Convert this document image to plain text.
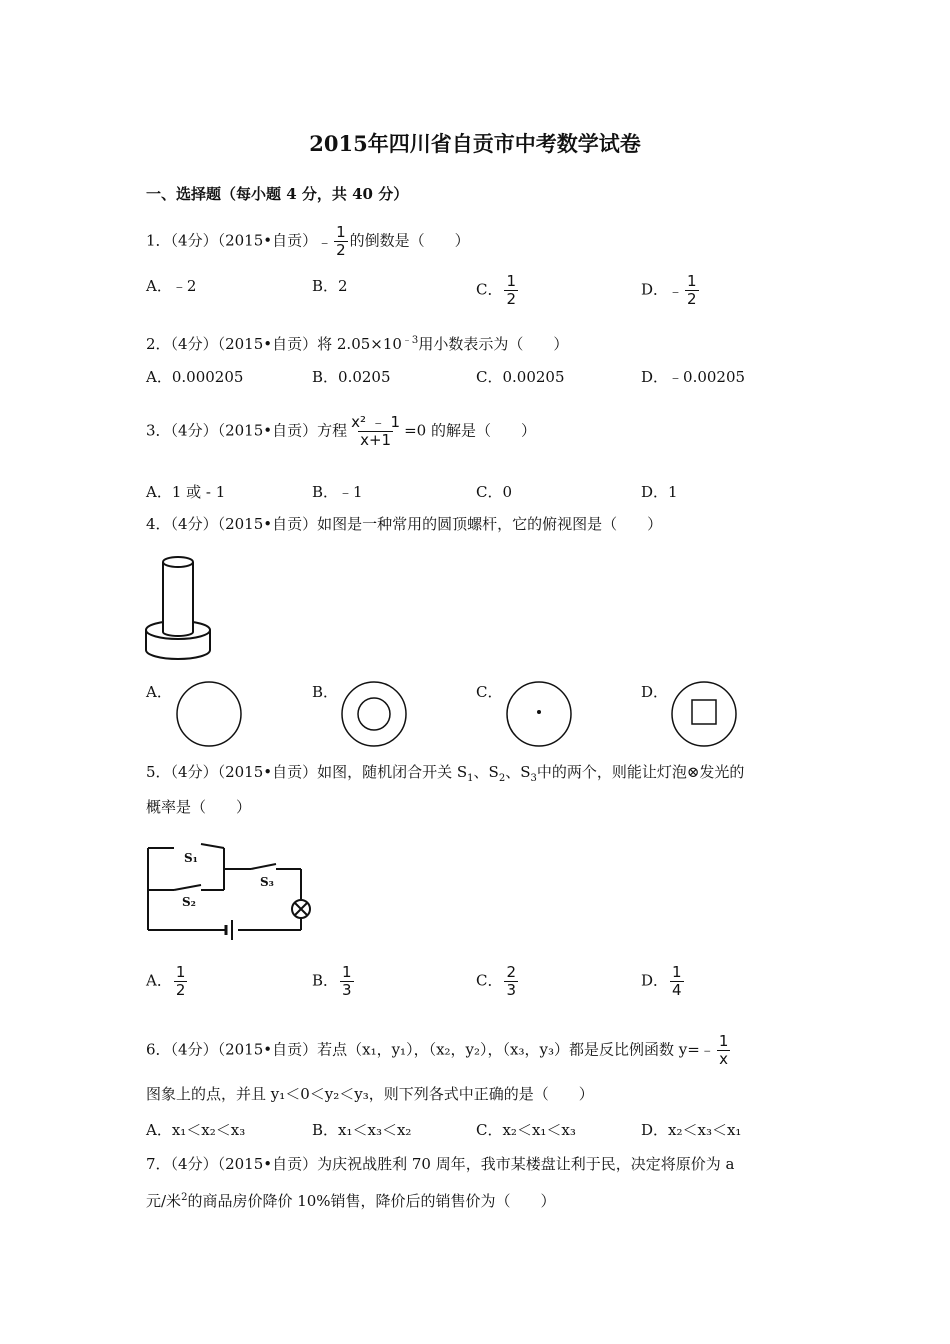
2015年四川省自贡市中考数学试卷
一、选择题（每小题 4 分，共 40 分）
1．（4分）（2015•自贡）﹣ $\frac{1}{2}$ 的倒数是（　　）
A．﹣2	B．2	C． $\frac{1}{2}$	D．﹣ $\frac{1}{2}$
2．（4分）（2015•自贡）将 $2.05\times 10^{﹣3}$用小数表示为（　　）
A．0.000205	B．0.0205	C．0.00205	D．﹣0.00205
3．（4分）（2015•自贡）方程 $\frac{\text{x² ﹣ 1}}{x+1} =0$ 的解是（　　）
A．1 或 - 1	B．﹣1	C．0	D．1
4．（4分）（2015•自贡）如图是一种常用的圆顶螺杆，它的俯视图是（　　）
A．	B．	C．	D．
5．（4分）（2015•自贡）如图，随机闭合开关 $S_1$、$S_2$、$S_3$中的两个，则能让灯泡⊗发光的
概率是（　　）
S₁
S₂
S₃
A． $\frac{1}{2}$	B． $\frac{1}{3}$	C． $\frac{2}{3}$	D． $\frac{1}{4}$
6．（4分）（2015•自贡）若点（x₁，y₁），（x₂，y₂），（x₃，y₃）都是反比例函数 y=﹣ $\frac{1}{x}$
图象上的点，并且 y₁＜0＜y₂＜y₃，则下列各式中正确的是（　　）
A．x₁＜x₂＜x₃	B．x₁＜x₃＜x₂	C．x₂＜x₁＜x₃	D．x₂＜x₃＜x₁
7．（4分）（2015•自贡）为庆祝战胜利 70 周年，我市某楼盘让利于民，决定将原价为 a
元/米$^2$的商品房价降价 10%销售，降价后的销售价为（　　）
